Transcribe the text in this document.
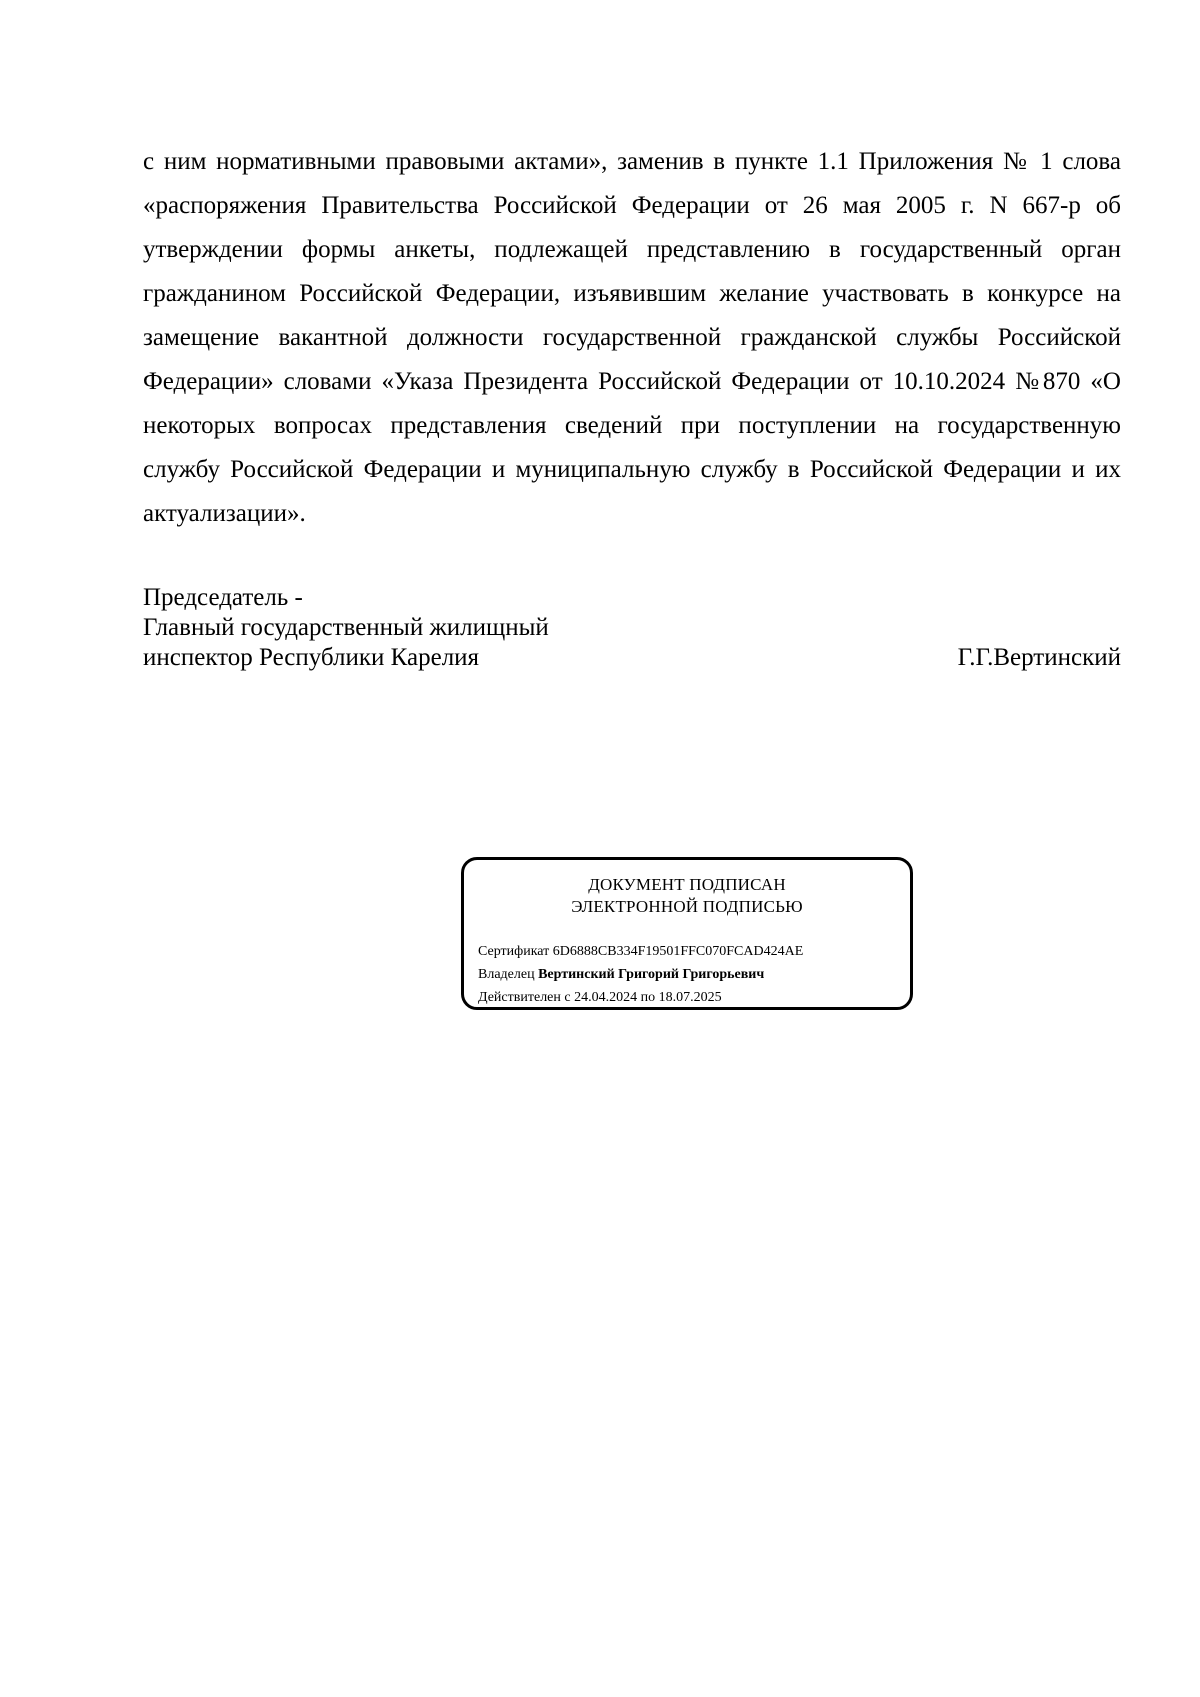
с ним нормативными правовыми актами», заменив в пункте 1.1 Приложения № 1 слова
«распоряжения Правительства Российской Федерации от 26 мая 2005 г. N 667-р об
утверждении формы анкеты, подлежащей представлению в государственный орган
гражданином Российской Федерации, изъявившим желание участвовать в конкурсе на
замещение вакантной должности государственной гражданской службы Российской
Федерации» словами «Указа Президента Российской Федерации от 10.10.2024 №870 «О
некоторых вопросах представления сведений при поступлении на государственную
службу Российской Федерации и муниципальную службу в Российской Федерации и их
актуализации».
Председатель -
Главный государственный жилищный
инспектор Республики Карелия	Г.Г.Вертинский
ДОКУМЕНТ ПОДПИСАН
ЭЛЕКТРОННОЙ ПОДПИСЬЮ
Сертификат 6D6888CB334F19501FFC070FCAD424AE
Владелец Вертинский Григорий Григорьевич
Действителен с 24.04.2024 по 18.07.2025
